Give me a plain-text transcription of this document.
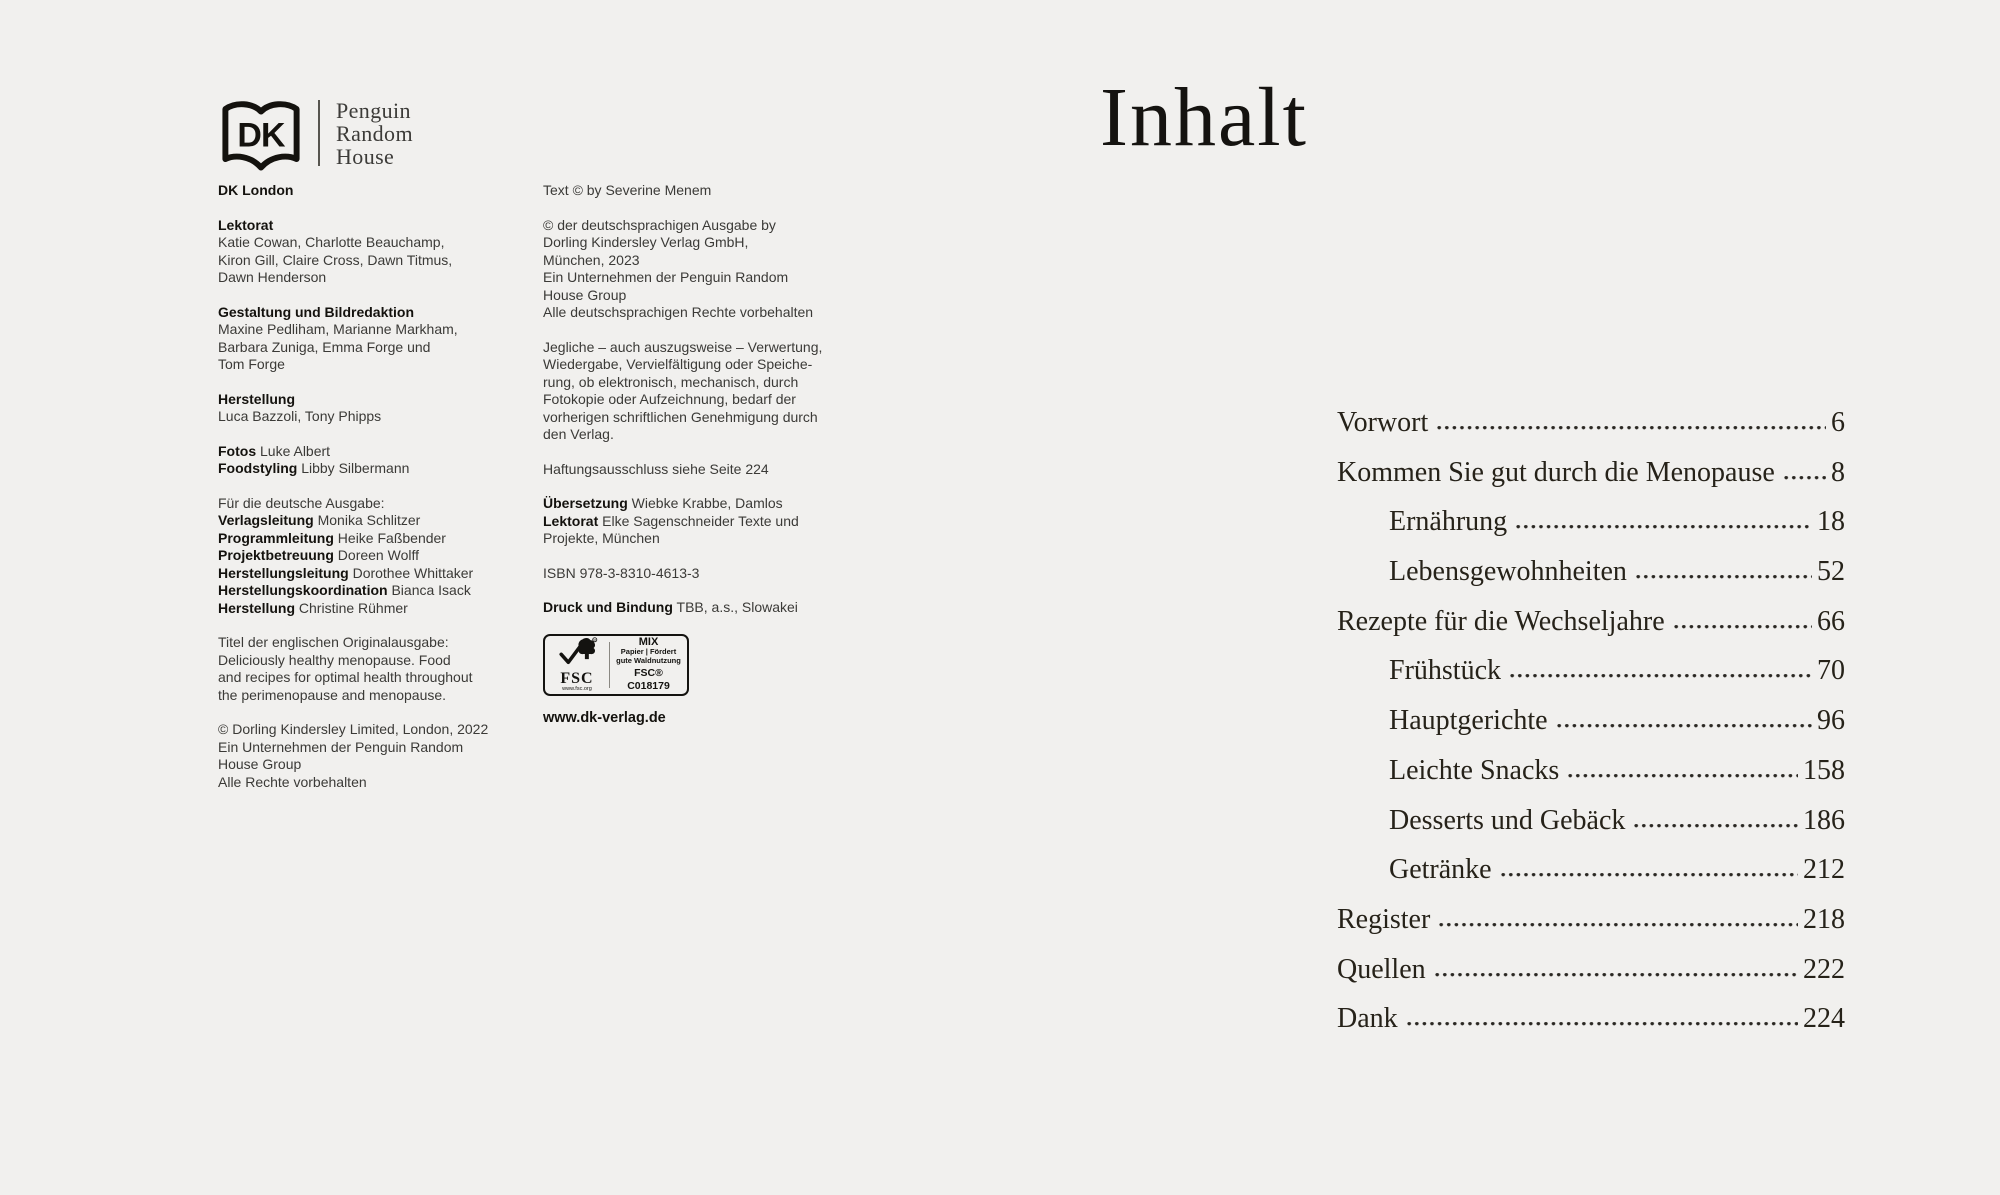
DK
Penguin
Random
House
DK London
Lektorat
Katie Cowan, Charlotte Beauchamp,
Kiron Gill, Claire Cross, Dawn Titmus,
Dawn Henderson
Gestaltung und Bildredaktion
Maxine Pedliham, Marianne Markham,
Barbara Zuniga, Emma Forge und
Tom Forge
Herstellung
Luca Bazzoli, Tony Phipps
Fotos Luke Albert
Foodstyling Libby Silbermann
Für die deutsche Ausgabe:
Verlagsleitung Monika Schlitzer
Programmleitung Heike Faßbender
Projektbetreuung Doreen Wolff
Herstellungsleitung Dorothee Whittaker
Herstellungskoordination Bianca Isack
Herstellung Christine Rühmer
Titel der englischen Originalausgabe:
Deliciously healthy menopause. Food
and recipes for optimal health throughout
the perimenopause and menopause.
© Dorling Kindersley Limited, London, 2022
Ein Unternehmen der Penguin Random
House Group
Alle Rechte vorbehalten
Text © by Severine Menem
© der deutschsprachigen Ausgabe by
Dorling Kindersley Verlag GmbH,
München, 2023
Ein Unternehmen der Penguin Random
House Group
Alle deutschsprachigen Rechte vorbehalten
Jegliche – auch auszugsweise – Verwertung,
Wiedergabe, Vervielfältigung oder Speiche-
rung, ob elektronisch, mechanisch, durch
Fotokopie oder Aufzeichnung, bedarf der
vorherigen schriftlichen Genehmigung durch
den Verlag.
Haftungsausschluss siehe Seite 224
Übersetzung Wiebke Krabbe, Damlos
Lektorat Elke Sagenschneider Texte und
Projekte, München
ISBN 978-3-8310-4613-3
Druck und Bindung TBB, a.s., Slowakei
R
FSC
www.fsc.org
MIX
Papier | Fördert
gute Waldnutzung
FSC® C018179
www.dk-verlag.de
Inhalt
Vorwort	6
Kommen Sie gut durch die Menopause 8
Ernährung	18
Lebensgewohnheiten	52
Rezepte für die Wechseljahre	66
Frühstück	70
Hauptgerichte	96
Leichte Snacks	158
Desserts und Gebäck	186
Getränke	212
Register	218
Quellen	222
Dank	224
